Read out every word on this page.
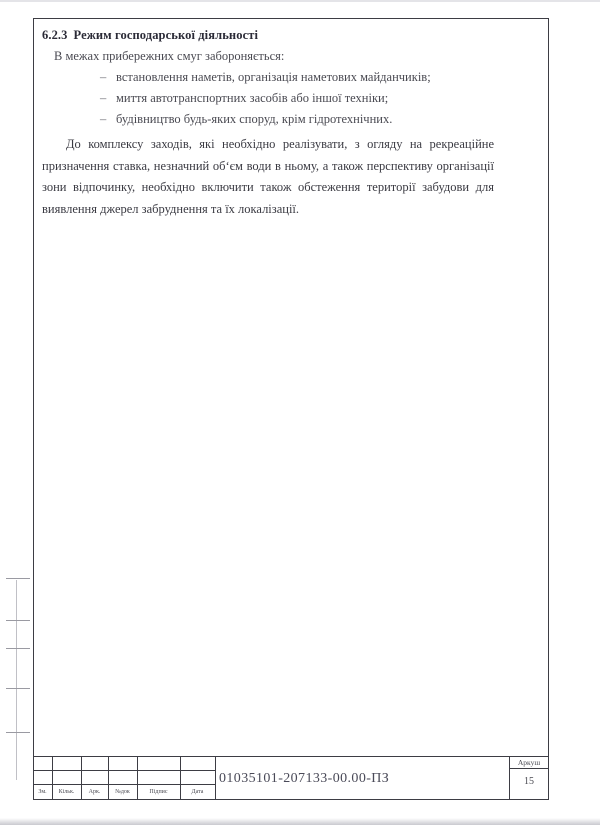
6.2.3 Режим господарської діяльності

В межах прибережних смуг забороняється:

– встановлення наметів, організація наметових майданчиків;
– миття автотранспортних засобів або іншої техніки;
– будівництво будь-яких споруд, крім гідротехнічних.

До комплексу заходів, які необхідно реалізувати, з огляду на рекреаційне призначення ставка, незначний об‘єм води в ньому, а також перспективу організації зони відпочинку, необхідно включити також обстеження території забудови для виявлення джерел забруднення та їх локалізації.

Зм.	Кільк.	Арк.	№док	Підпис	Дата
01035101-207133-00.00-ПЗ
Аркуш
15
